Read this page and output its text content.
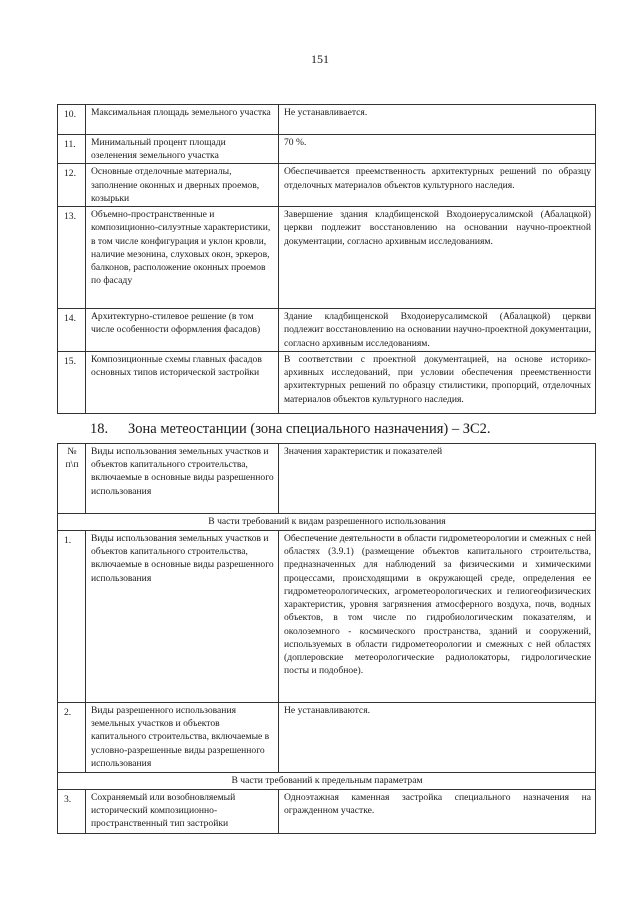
151
10.	Максимальная площадь земельного участка	Не устанавливается.
11.	Минимальный процент площади озеленения земельного участка	70 %.
12.	Основные отделочные материалы, заполнение оконных и дверных проемов, козырьки	Обеспечивается преемственность архитектурных решений по образцу отделочных материалов объектов культурного наследия.
13.	Объемно-пространственные и композиционно-силуэтные характеристики, в том числе конфигурация и уклон кровли, наличие мезонина, слуховых окон, эркеров, балконов, расположение оконных проемов по фасаду	Завершение здания кладбищенской Входоиерусалимской (Абалацкой) церкви подлежит восстановлению на основании научно-проектной документации, согласно архивным исследованиям.
14.	Архитектурно-стилевое решение (в том числе особенности оформления фасадов)	Здание кладбищенской Входоиерусалимской (Абалацкой) церкви подлежит восстановлению на основании научно-проектной документации, согласно архивным исследованиям.
15.	Композиционные схемы главных фасадов основных типов исторической застройки	В соответствии с проектной документацией, на основе историко-архивных исследований, при условии обеспечения преемственности архитектурных решений по образцу стилистики, пропорций, отделочных материалов объектов культурного наследия.
18. Зона метеостанции (зона специального назначения) – ЗС2.
№ п\п	Виды использования земельных участков и объектов капитального строительства, включаемые в основные виды разрешенного использования	Значения характеристик и показателей
В части требований к видам разрешенного использования		
1.	Виды использования земельных участков и объектов капитального строительства, включаемые в основные виды разрешенного использования	Обеспечение деятельности в области гидрометеорологии и смежных с ней областях (3.9.1) (размещение объектов капитального строительства, предназначенных для наблюдений за физическими и химическими процессами, происходящими в окружающей среде, определения ее гидрометеорологических, агрометеорологических и гелиогеофизических характеристик, уровня загрязнения атмосферного воздуха, почв, водных объектов, в том числе по гидробиологическим показателям, и околоземного - космического пространства, зданий и сооружений, используемых в области гидрометеорологии и смежных с ней областях (доплеровские метеорологические радиолокаторы, гидрологические посты и подобное).
2.	Виды разрешенного использования земельных участков и объектов капитального строительства, включаемые в условно-разрешенные виды разрешенного использования	Не устанавливаются.
В части требований к предельным параметрам		
3.	Сохраняемый или возобновляемый исторический композиционно-пространственный тип застройки	Одноэтажная каменная застройка специального назначения на огражденном участке.
